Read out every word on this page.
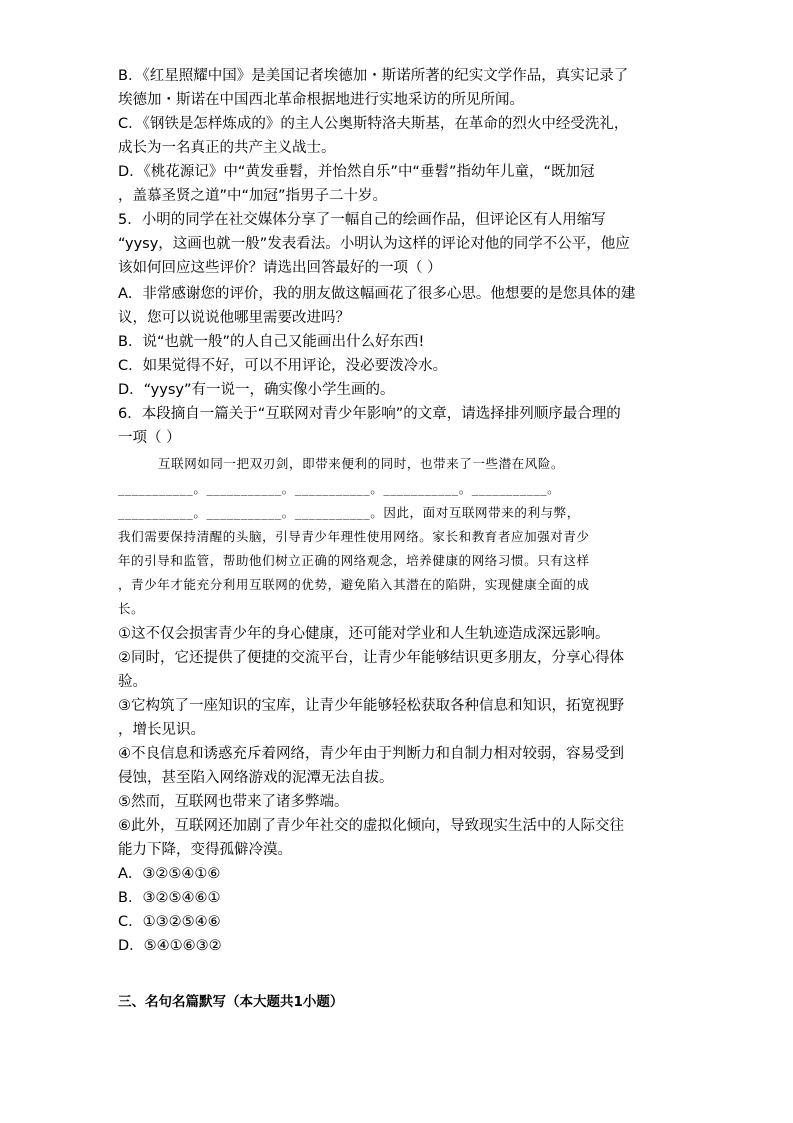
B．《红星照耀中国》是美国记者埃德加・斯诺所著的纪实文学作品，真实记录了
埃德加・斯诺在中国西北革命根据地进行实地采访的所见所闻。
C．《钢铁是怎样炼成的》的主人公奥斯特洛夫斯基，在革命的烈火中经受洗礼，
成长为一名真正的共产主义战士。
D．《桃花源记》中“黄发垂髫，并怡然自乐”中“垂髫”指幼年儿童，“既加冠
，盖慕圣贤之道”中“加冠”指男子二十岁。
5．小明的同学在社交媒体分享了一幅自己的绘画作品，但评论区有人用缩写
“yysy，这画也就一般”发表看法。小明认为这样的评论对他的同学不公平，他应
该如何回应这些评价？请选出回答最好的一项（ ）
A．非常感谢您的评价，我的朋友做这幅画花了很多心思。他想要的是您具体的建
议，您可以说说他哪里需要改进吗？
B．说“也就一般”的人自己又能画出什么好东西!
C．如果觉得不好，可以不用评论，没必要泼冷水。
D．“yysy”有一说一，确实像小学生画的。
6．本段摘自一篇关于“互联网对青少年影响”的文章，请选择排列顺序最合理的
一项（ ）
互联网如同一把双刃剑，即带来便利的同时，也带来了一些潜在风险。
___________。___________。___________。___________。___________。
___________。___________。___________。因此，面对互联网带来的利与弊，
我们需要保持清醒的头脑，引导青少年理性使用网络。家长和教育者应加强对青少
年的引导和监管，帮助他们树立正确的网络观念，培养健康的网络习惯。只有这样
，青少年才能充分利用互联网的优势，避免陷入其潜在的陷阱，实现健康全面的成
长。
①这不仅会损害青少年的身心健康，还可能对学业和人生轨迹造成深远影响。
②同时，它还提供了便捷的交流平台，让青少年能够结识更多朋友，分享心得体
验。
③它构筑了一座知识的宝库，让青少年能够轻松获取各种信息和知识，拓宽视野
，增长见识。
④不良信息和诱惑充斥着网络，青少年由于判断力和自制力相对较弱，容易受到
侵蚀，甚至陷入网络游戏的泥潭无法自拔。
⑤然而，互联网也带来了诸多弊端。
⑥此外，互联网还加剧了青少年社交的虚拟化倾向，导致现实生活中的人际交往
能力下降，变得孤僻冷漠。
A．③②⑤④①⑥
B．③②⑤④⑥①
C．①③②⑤④⑥
D．⑤④①⑥③②
三、名句名篇默写（本大题共1小题）
